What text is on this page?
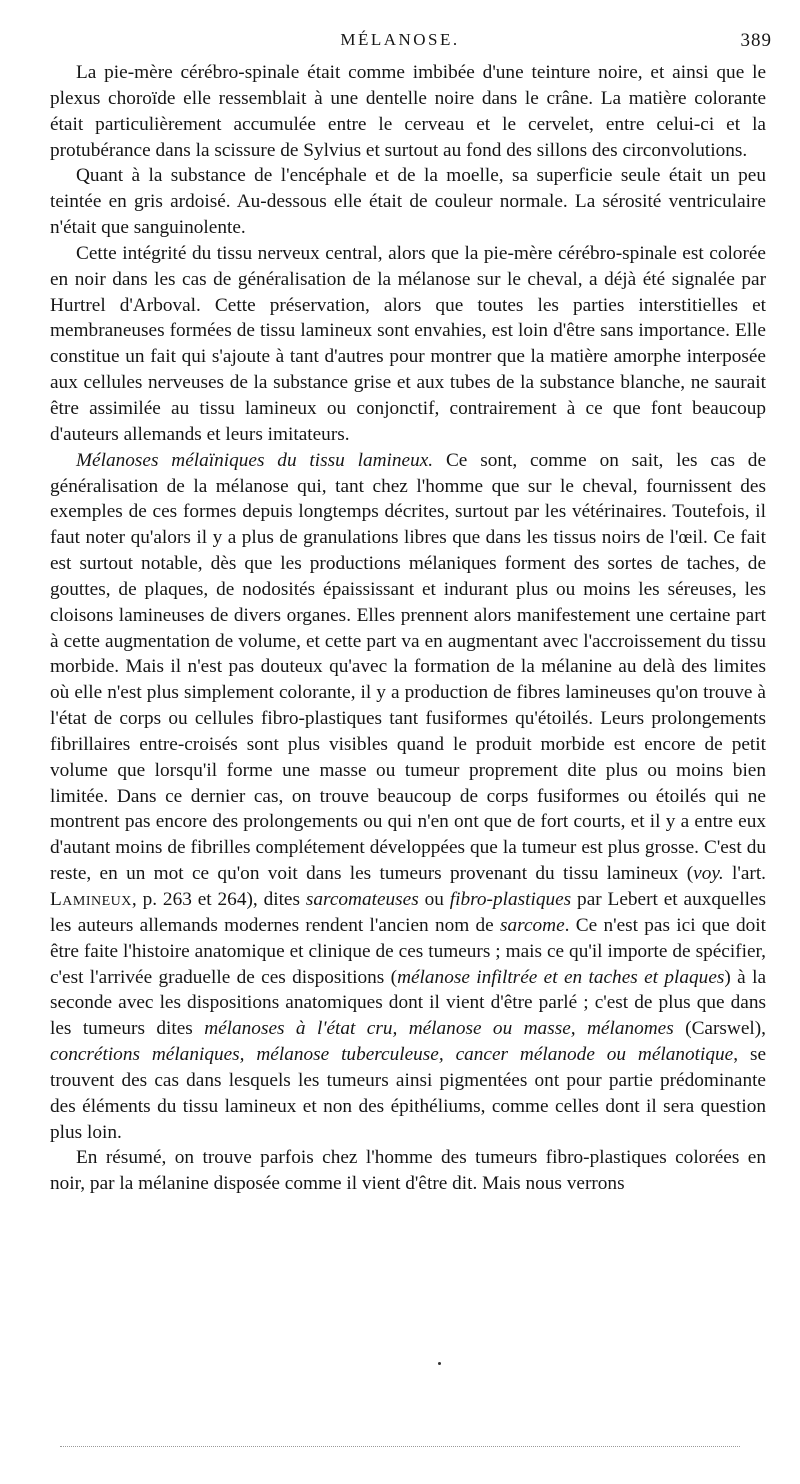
MÉLANOSE.	389

La pie-mère cérébro-spinale était comme imbibée d'une teinture noire, et ainsi que le plexus choroïde elle ressemblait à une dentelle noire dans le crâne. La matière colorante était particulièrement accumulée entre le cerveau et le cervelet, entre celui-ci et la protubérance dans la scissure de Sylvius et surtout au fond des sillons des circonvolutions.

Quant à la substance de l'encéphale et de la moelle, sa superficie seule était un peu teintée en gris ardoisé. Au-dessous elle était de couleur normale. La sérosité ventriculaire n'était que sanguinolente.

Cette intégrité du tissu nerveux central, alors que la pie-mère cérébro-spinale est colorée en noir dans les cas de généralisation de la mélanose sur le cheval, a déjà été signalée par Hurtrel d'Arboval. Cette préservation, alors que toutes les parties interstitielles et membraneuses formées de tissu lamineux sont envahies, est loin d'être sans importance. Elle constitue un fait qui s'ajoute à tant d'autres pour montrer que la matière amorphe interposée aux cellules nerveuses de la substance grise et aux tubes de la substance blanche, ne saurait être assimilée au tissu lamineux ou conjonctif, contrairement à ce que font beaucoup d'auteurs allemands et leurs imitateurs.

Mélanoses mélaïniques du tissu lamineux. Ce sont, comme on sait, les cas de généralisation de la mélanose qui, tant chez l'homme que sur le cheval, fournissent des exemples de ces formes depuis longtemps décrites, surtout par les vétérinaires. Toutefois, il faut noter qu'alors il y a plus de granulations libres que dans les tissus noirs de l'œil. Ce fait est surtout notable, dès que les productions mélaniques forment des sortes de taches, de gouttes, de plaques, de nodosités épaississant et indurant plus ou moins les séreuses, les cloisons lamineuses de divers organes. Elles prennent alors manifestement une certaine part à cette augmentation de volume, et cette part va en augmentant avec l'accroissement du tissu morbide. Mais il n'est pas douteux qu'avec la formation de la mélanine au delà des limites où elle n'est plus simplement colorante, il y a production de fibres lamineuses qu'on trouve à l'état de corps ou cellules fibro-plastiques tant fusiformes qu'étoilés. Leurs prolongements fibrillaires entre-croisés sont plus visibles quand le produit morbide est encore de petit volume que lorsqu'il forme une masse ou tumeur proprement dite plus ou moins bien limitée. Dans ce dernier cas, on trouve beaucoup de corps fusiformes ou étoilés qui ne montrent pas encore des prolongements ou qui n'en ont que de fort courts, et il y a entre eux d'autant moins de fibrilles complétement développées que la tumeur est plus grosse. C'est du reste, en un mot ce qu'on voit dans les tumeurs provenant du tissu lamineux (voy. l'art. Lamineux, p. 263 et 264), dites sarcomateuses ou fibro-plastiques par Lebert et auxquelles les auteurs allemands modernes rendent l'ancien nom de sarcome. Ce n'est pas ici que doit être faite l'histoire anatomique et clinique de ces tumeurs ; mais ce qu'il importe de spécifier, c'est l'arrivée graduelle de ces dispositions (mélanose infiltrée et en taches et plaques) à la seconde avec les dispositions anatomiques dont il vient d'être parlé ; c'est de plus que dans les tumeurs dites mélanoses à l'état cru, mélanose ou masse, mélanomes (Carswel), concrétions mélaniques, mélanose tuberculeuse, cancer mélanode ou mélanotique, se trouvent des cas dans lesquels les tumeurs ainsi pigmentées ont pour partie prédominante des éléments du tissu lamineux et non des épithéliums, comme celles dont il sera question plus loin.

En résumé, on trouve parfois chez l'homme des tumeurs fibro-plastiques colorées en noir, par la mélanine disposée comme il vient d'être dit. Mais nous verrons
